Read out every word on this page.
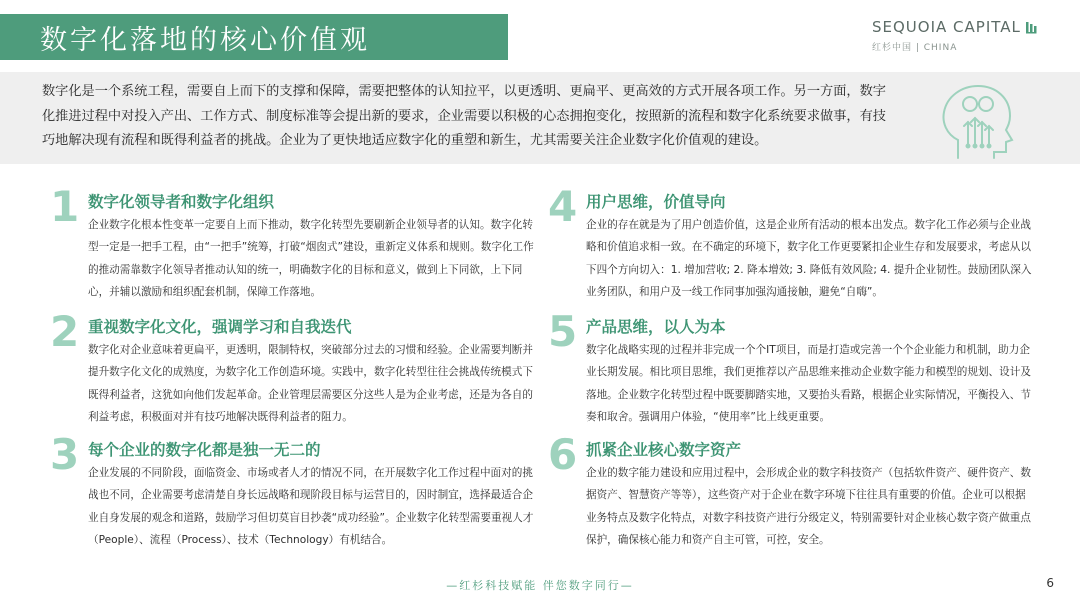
数字化落地的核心价值观	SEQUOIA CAPITAL
红杉中国 | CHINA

数字化是一个系统工程，需要自上而下的支撑和保障，需要把整体的认知拉平，以更透明、更扁平、更高效的方式开展各项工作。另一方面，数字化推进过程中对投入产出、工作方式、制度标准等会提出新的要求，企业需要以积极的心态拥抱变化，按照新的流程和数字化系统要求做事，有技巧地解决现有流程和既得利益者的挑战。企业为了更快地适应数字化的重塑和新生，尤其需要关注企业数字化价值观的建设。

1 数字化领导者和数字化组织
企业数字化根本性变革一定要自上而下推动，数字化转型先要刷新企业领导者的认知。数字化转型一定是一把手工程，由“一把手”统筹，打破“烟囱式”建设，重新定义体系和规则。数字化工作的推动需靠数字化领导者推动认知的统一，明确数字化的目标和意义，做到上下同欲，上下同心，并辅以激励和组织配套机制，保障工作落地。
2 重视数字化文化，强调学习和自我迭代
数字化对企业意味着更扁平，更透明，限制特权，突破部分过去的习惯和经验。企业需要判断并提升数字化文化的成熟度，为数字化工作创造环境。实践中，数字化转型往往会挑战传统模式下既得利益者，这犹如向他们发起革命。企业管理层需要区分这些人是为企业考虑，还是为各自的利益考虑，积极面对并有技巧地解决既得利益者的阻力。
3 每个企业的数字化都是独一无二的
企业发展的不同阶段，面临资金、市场或者人才的情况不同，在开展数字化工作过程中面对的挑战也不同，企业需要考虑清楚自身长远战略和现阶段目标与运营目的，因时制宜，选择最适合企业自身发展的观念和道路，鼓励学习但切莫盲目抄袭“成功经验”。企业数字化转型需要重视人才（People）、流程（Process）、技术（Technology）有机结合。
4 用户思维，价值导向
企业的存在就是为了用户创造价值，这是企业所有活动的根本出发点。数字化工作必须与企业战略和价值追求相一致。在不确定的环境下，数字化工作更要紧扣企业生存和发展要求，考虑从以下四个方向切入：1. 增加营收; 2. 降本增效; 3. 降低有效风险; 4. 提升企业韧性。鼓励团队深入业务团队，和用户及一线工作同事加强沟通接触，避免“自嗨”。
5 产品思维，以人为本
数字化战略实现的过程并非完成一个个IT项目，而是打造或完善一个个企业能力和机制，助力企业长期发展。相比项目思维，我们更推荐以产品思维来推动企业数字能力和模型的规划、设计及落地。企业数字化转型过程中既要脚踏实地，又要抬头看路，根据企业实际情况，平衡投入、节奏和取舍。强调用户体验，“使用率”比上线更重要。
6 抓紧企业核心数字资产
企业的数字能力建设和应用过程中，会形成企业的数字科技资产（包括软件资产、硬件资产、数据资产、智慧资产等等），这些资产对于企业在数字环境下往往具有重要的价值。企业可以根据业务特点及数字化特点，对数字科技资产进行分级定义，特别需要针对企业核心数字资产做重点保护，确保核心能力和资产自主可管，可控，安全。
—红杉科技赋能 伴您数字同行—	6
